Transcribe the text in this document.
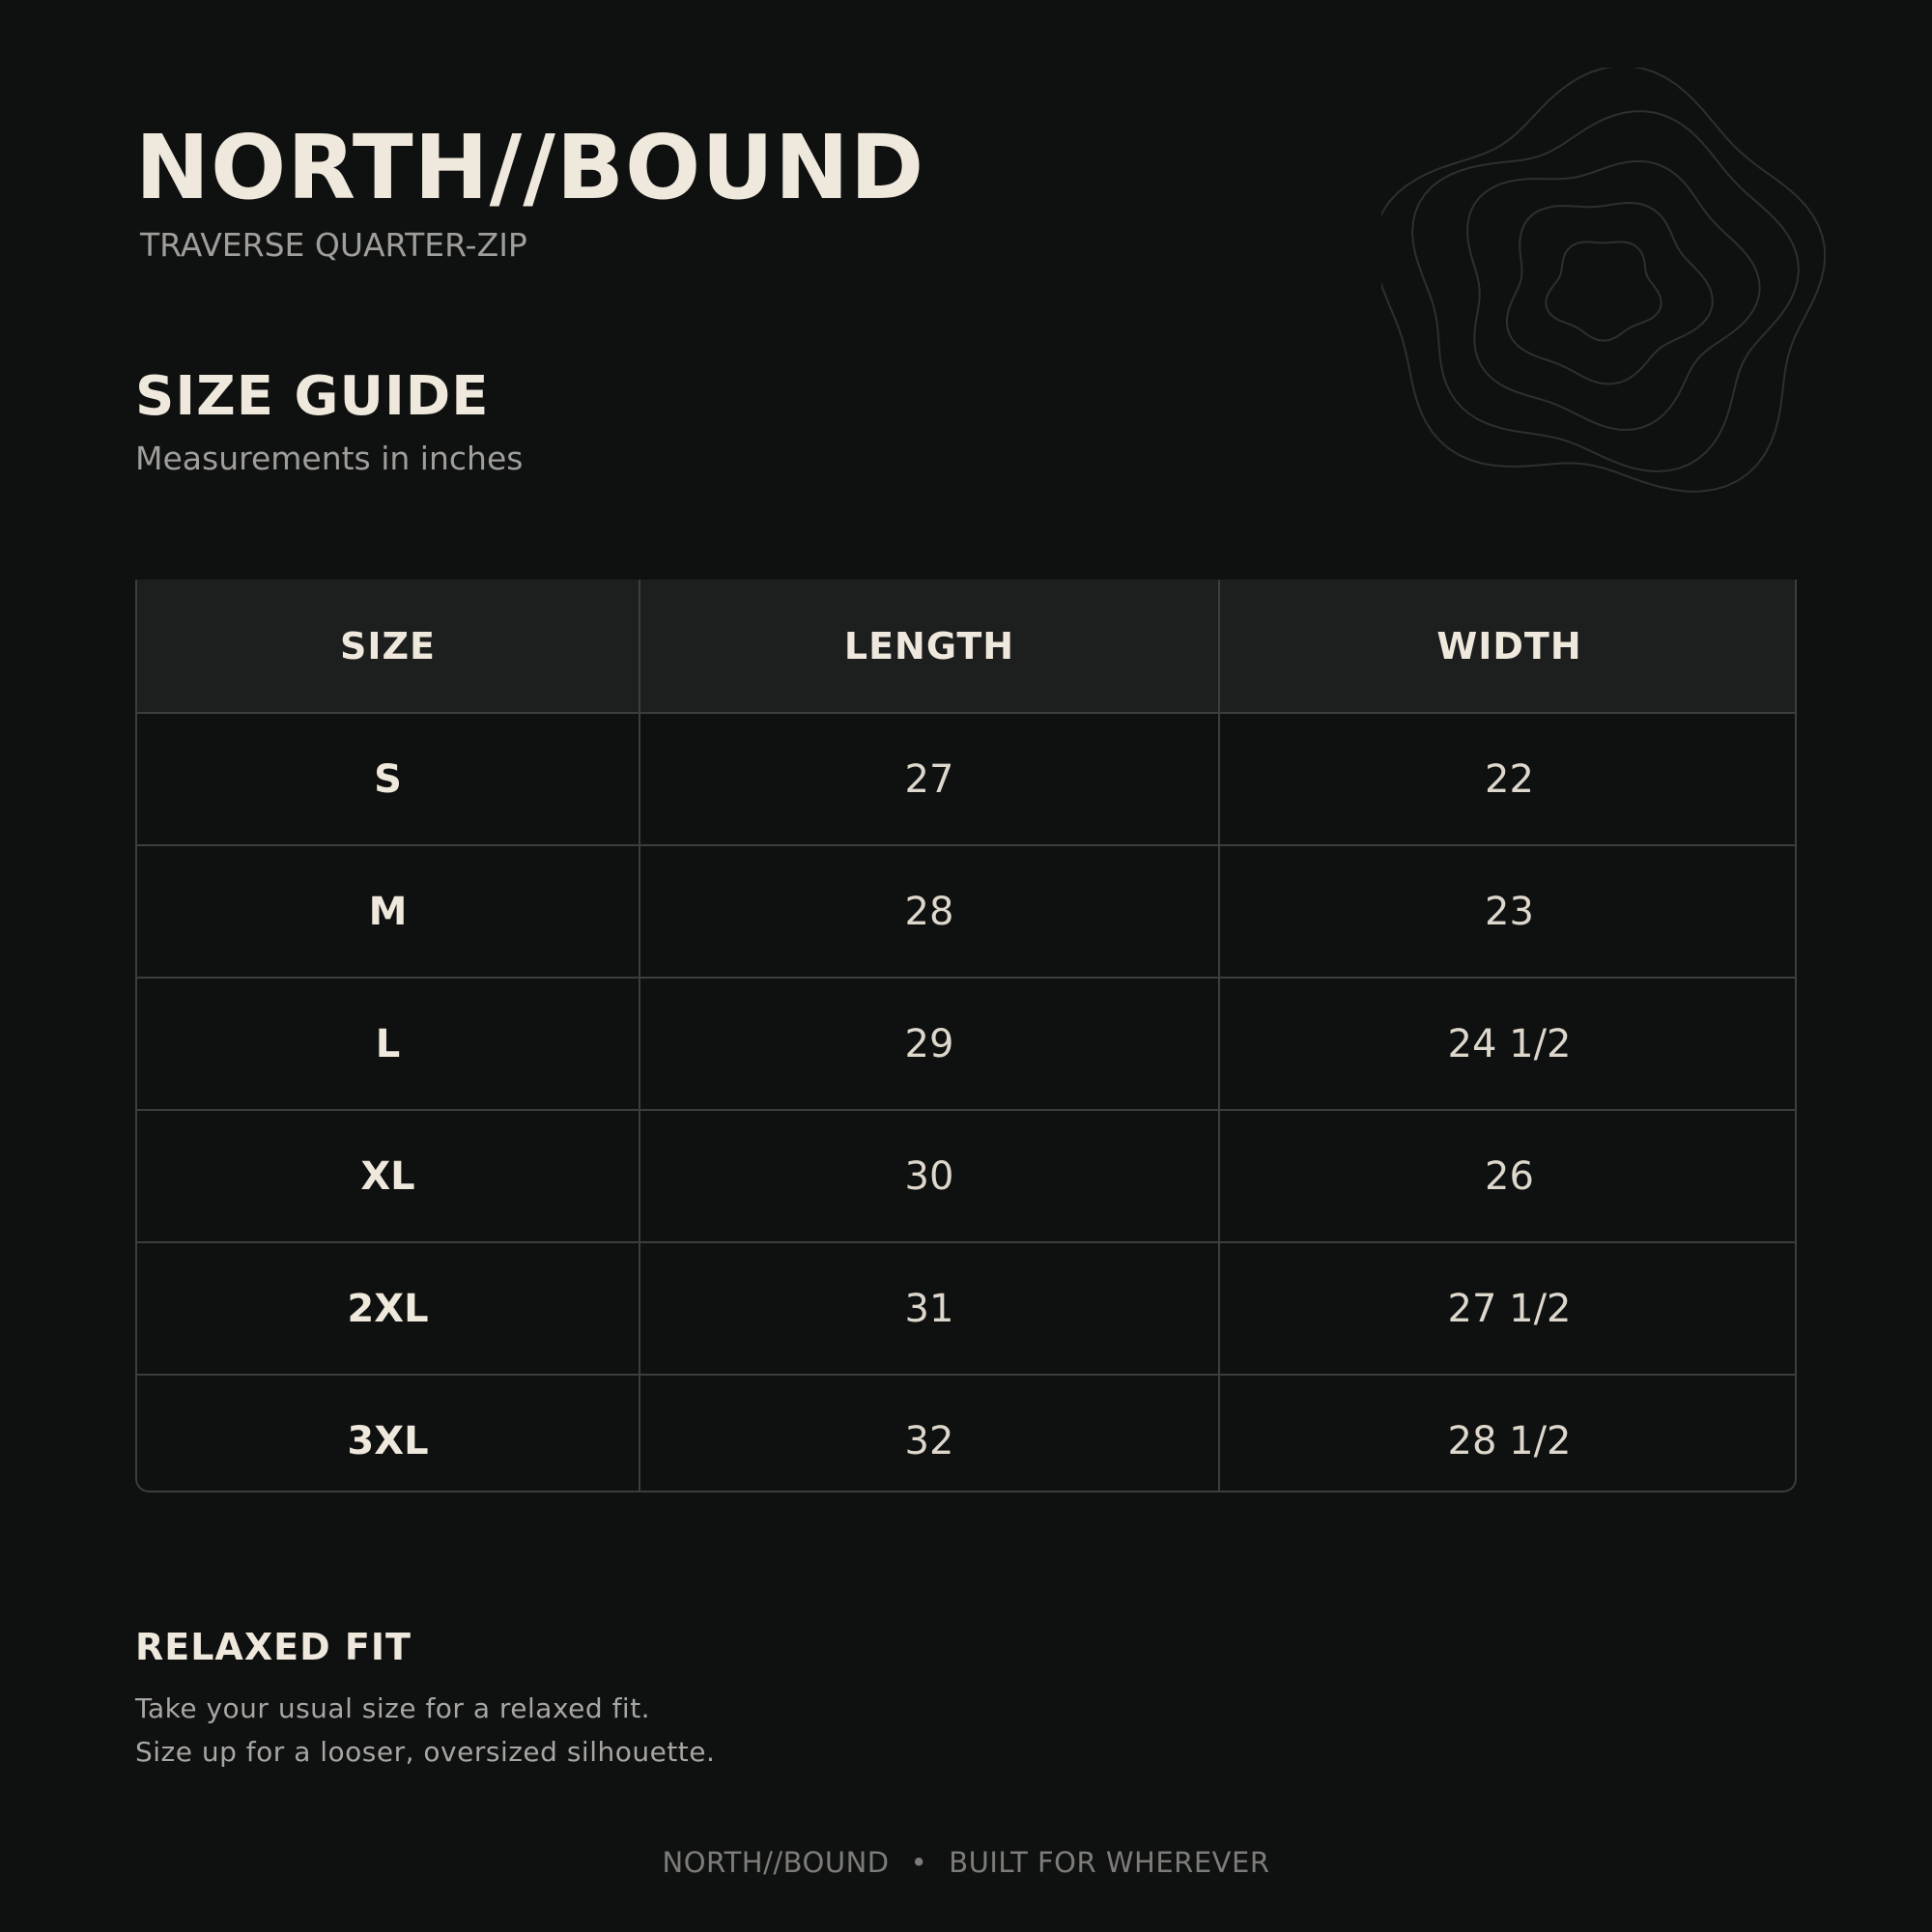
NORTH//BOUND
TRAVERSE QUARTER-ZIP
SIZE GUIDE
Measurements in inches
SIZE	LENGTH	WIDTH
S	27	22
M	28	23
L	29	24 1/2
XL	30	26
2XL	31	27 1/2
3XL	32	28 1/2
RELAXED FIT
Take your usual size for a relaxed fit.
Size up for a looser, oversized silhouette.
NORTH//BOUND • BUILT FOR WHEREVER
